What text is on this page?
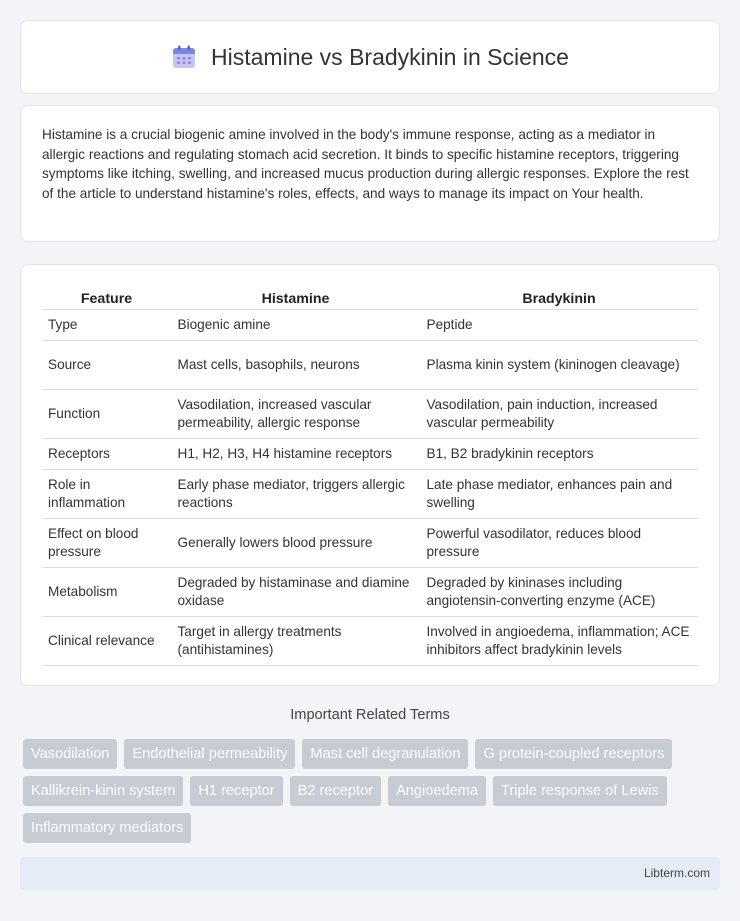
Histamine vs Bradykinin in Science

Histamine is a crucial biogenic amine involved in the body's immune response, acting as a mediator in allergic reactions and regulating stomach acid secretion. It binds to specific histamine receptors, triggering symptoms like itching, swelling, and increased mucus production during allergic responses. Explore the rest of the article to understand histamine's roles, effects, and ways to manage its impact on Your health.

Feature	Histamine	Bradykinin
Type	Biogenic amine	Peptide
Source	Mast cells, basophils, neurons	Plasma kinin system (kininogen cleavage)
Function	Vasodilation, increased vascular permeability, allergic response	Vasodilation, pain induction, increased vascular permeability
Receptors	H1, H2, H3, H4 histamine receptors	B1, B2 bradykinin receptors
Role in inflammation	Early phase mediator, triggers allergic reactions	Late phase mediator, enhances pain and swelling
Effect on blood pressure	Generally lowers blood pressure	Powerful vasodilator, reduces blood pressure
Metabolism	Degraded by histaminase and diamine oxidase	Degraded by kininases including angiotensin-converting enzyme (ACE)
Clinical relevance	Target in allergy treatments (antihistamines)	Involved in angioedema, inflammation; ACE inhibitors affect bradykinin levels
Important Related Terms
Vasodilation	Endothelial permeability	Mast cell degranulation	G protein-coupled receptors
Kallikrein-kinin system	H1 receptor	B2 receptor	Angioedema	Triple response of Lewis
Inflammatory mediators
Libterm.com
